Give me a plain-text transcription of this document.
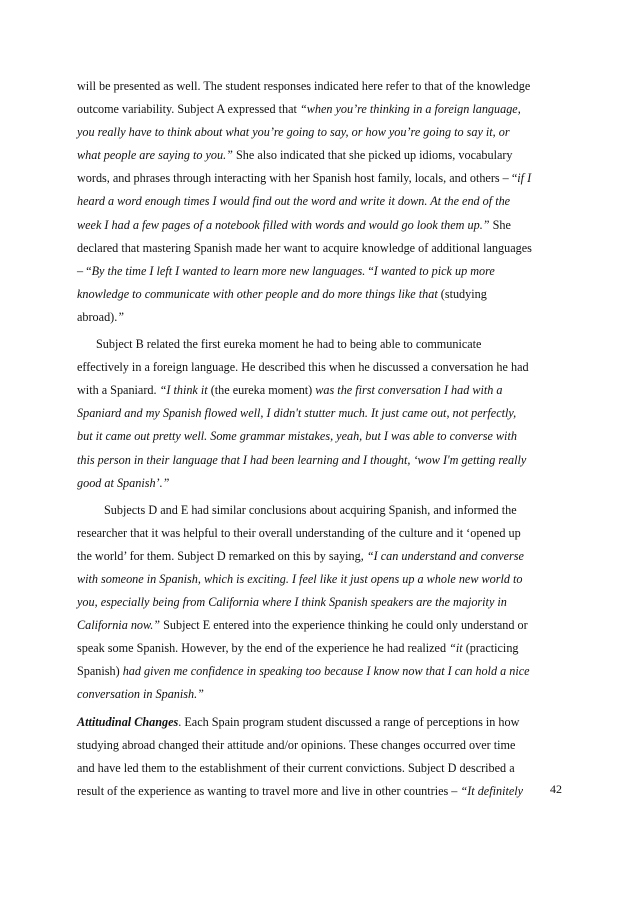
will be presented as well. The student responses indicated here refer to that of the knowledge
outcome variability. Subject A expressed that “when you’re thinking in a foreign language,
you really have to think about what you’re going to say, or how you’re going to say it, or
what people are saying to you.” She also indicated that she picked up idioms, vocabulary
words, and phrases through interacting with her Spanish host family, locals, and others – “if I
heard a word enough times I would find out the word and write it down. At the end of the
week I had a few pages of a notebook filled with words and would go look them up.” She
declared that mastering Spanish made her want to acquire knowledge of additional languages
– “By the time I left I wanted to learn more new languages. “I wanted to pick up more
knowledge to communicate with other people and do more things like that (studying
abroad).”
Subject B related the first eureka moment he had to being able to communicate
effectively in a foreign language. He described this when he discussed a conversation he had
with a Spaniard. “I think it (the eureka moment) was the first conversation I had with a
Spaniard and my Spanish flowed well, I didn't stutter much. It just came out, not perfectly,
but it came out pretty well. Some grammar mistakes, yeah, but I was able to converse with
this person in their language that I had been learning and I thought, ‘wow I'm getting really
good at Spanish’.”
Subjects D and E had similar conclusions about acquiring Spanish, and informed the
researcher that it was helpful to their overall understanding of the culture and it ‘opened up
the world’ for them. Subject D remarked on this by saying, “I can understand and converse
with someone in Spanish, which is exciting. I feel like it just opens up a whole new world to
you, especially being from California where I think Spanish speakers are the majority in
California now.” Subject E entered into the experience thinking he could only understand or
speak some Spanish. However, by the end of the experience he had realized “it (practicing
Spanish) had given me confidence in speaking too because I know now that I can hold a nice
conversation in Spanish.”
Attitudinal Changes. Each Spain program student discussed a range of perceptions in how
studying abroad changed their attitude and/or opinions. These changes occurred over time
and have led them to the establishment of their current convictions. Subject D described a
result of the experience as wanting to travel more and live in other countries – “It definitely	42
